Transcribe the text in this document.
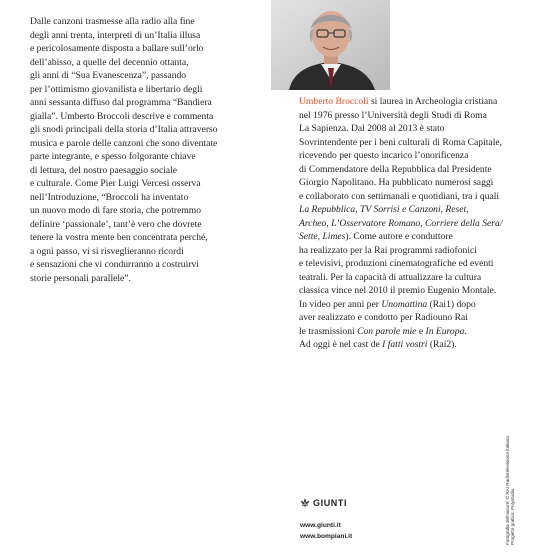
Dalle canzoni trasmesse alla radio alla fine
degli anni trenta, interpreti di un’Italia illusa
e pericolosamente disposta a ballare sull’orlo
dell’abisso, a quelle del decennio ottanta,
gli anni di “Sua Evanescenza”, passando
per l’ottimismo giovanilista e libertario degli
anni sessanta diffuso dal programma “Bandiera
gialla”. Umberto Broccoli descrive e commenta
gli snodi principali della storia d’Italia attraverso
musica e parole delle canzoni che sono diventate
parte integrante, e spesso folgorante chiave
di lettura, del nostro paesaggio sociale
e culturale. Come Pier Luigi Vercesi osserva
nell’Introduzione, “Broccoli ha inventato
un nuovo modo di fare storia, che potremmo
definire ‘passionale’, tant’è vero che dovrete
tenere la vostra mente ben concentrata perché,
a ogni passo, vi si risveglieranno ricordi
e sensazioni che vi condurranno a costruirvi
storie personali parallele”.
Umberto Broccoli si laurea in Archeologia cristiana
nel 1976 presso l’Università degli Studi di Roma
La Sapienza. Dal 2008 al 2013 è stato
Sovrintendente per i beni culturali di Roma Capitale,
ricevendo per questo incarico l’onorificenza
di Commendatore della Repubblica dal Presidente
Giorgio Napolitano. Ha pubblicato numerosi saggi
e collaborato con settimanali e quotidiani, tra i quali
La Repubblica, TV Sorrisi e Canzoni, Reset,
Archeo, L’Osservatore Romano, Corriere della Sera/
Sette, Limes). Come autore e conduttore
ha realizzato per la Rai programmi radiofonici
e televisivi, produzioni cinematografiche ed eventi
teatrali. Per la capacità di attualizzare la cultura
classica vince nel 2010 il premio Eugenio Montale.
In video per anni per Unomattina (Rai1) dopo
aver realizzato e condotto per Radiouno Rai
le trasmissioni Con parole mie e In Europa.
Ad oggi è nel cast de I fatti vostri (Rai2).
Fotografia dell’autore: © RAI Radiotelevisione italiana Progetto grafico: Polystudio
GIUNTI
www.giunti.it
www.bompiani.it
